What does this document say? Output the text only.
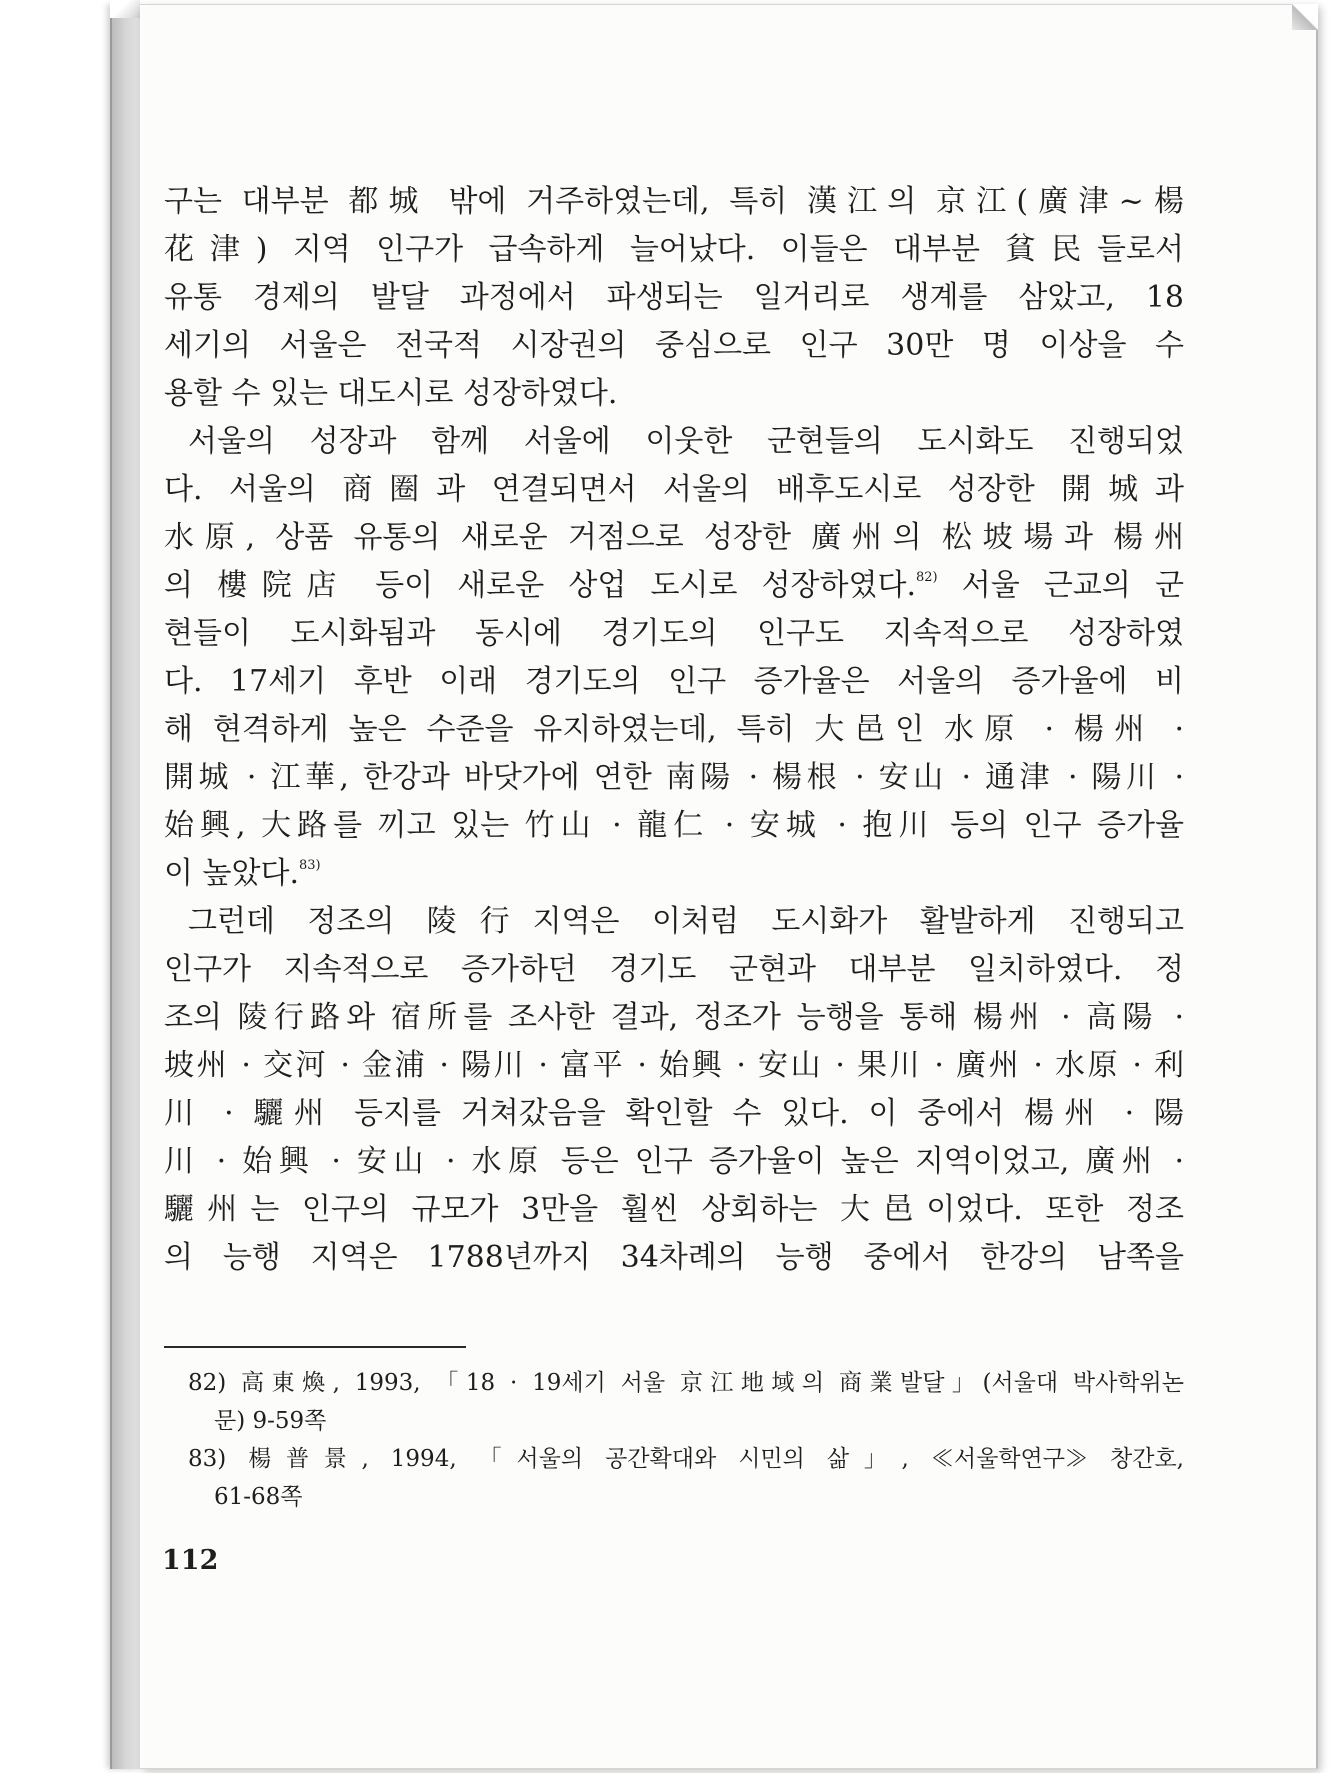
구는 대부분 都城 밖에 거주하였는데, 특히 漢江의 京江(廣津~楊
花津) 지역 인구가 급속하게 늘어났다. 이들은 대부분 貧民들로서
유통 경제의 발달 과정에서 파생되는 일거리로 생계를 삼았고, 18
세기의 서울은 전국적 시장권의 중심으로 인구 30만 명 이상을 수
용할 수 있는 대도시로 성장하였다.
서울의 성장과 함께 서울에 이웃한 군현들의 도시화도 진행되었
다. 서울의 商圈과 연결되면서 서울의 배후도시로 성장한 開城과
水原, 상품 유통의 새로운 거점으로 성장한 廣州의 松坡場과 楊州
의 樓院店 등이 새로운 상업 도시로 성장하였다.$^{82)}$ 서울 근교의 군
현들이 도시화됨과 동시에 경기도의 인구도 지속적으로 성장하였
다. 17세기 후반 이래 경기도의 인구 증가율은 서울의 증가율에 비
해 현격하게 높은 수준을 유지하였는데, 특히 大邑인 水原 · 楊州 ·
開城 · 江華, 한강과 바닷가에 연한 南陽 · 楊根 · 安山 · 通津 · 陽川 ·
始興, 大路를 끼고 있는 竹山 · 龍仁 · 安城 · 抱川 등의 인구 증가율
이 높았다.$^{83)}$
그런데 정조의 陵行지역은 이처럼 도시화가 활발하게 진행되고
인구가 지속적으로 증가하던 경기도 군현과 대부분 일치하였다. 정
조의 陵行路와 宿所를 조사한 결과, 정조가 능행을 통해 楊州 · 高陽 ·
坡州 · 交河 · 金浦 · 陽川 · 富平 · 始興 · 安山 · 果川 · 廣州 · 水原 · 利
川 · 驪州 등지를 거쳐갔음을 확인할 수 있다. 이 중에서 楊州 · 陽
川 · 始興 · 安山 · 水原 등은 인구 증가율이 높은 지역이었고, 廣州 ·
驪州는 인구의 규모가 3만을 훨씬 상회하는 大邑이었다. 또한 정조
의 능행 지역은 1788년까지 34차례의 능행 중에서 한강의 남쪽을
82) 高東煥, 1993, 「18 · 19세기 서울 京江地域의 商業발달」(서울대 박사학위논
문) 9-59쪽
83) 楊普景, 1994, 「서울의 공간확대와 시민의 삶」, ≪서울학연구≫ 창간호,
61-68쪽
112
